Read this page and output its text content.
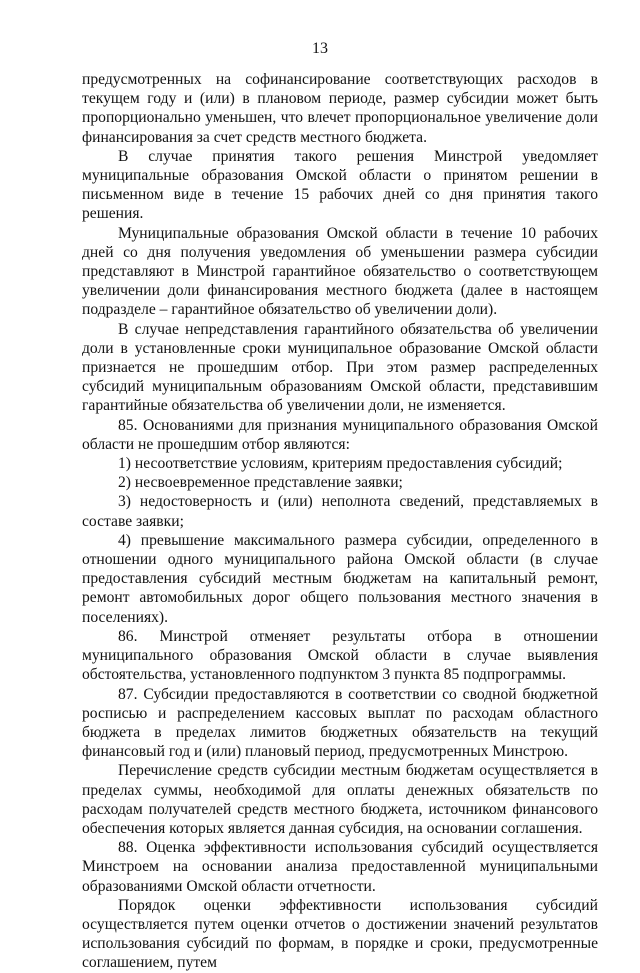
13

предусмотренных на софинансирование соответствующих расходов в текущем году и (или) в плановом периоде, размер субсидии может быть пропорционально уменьшен, что влечет пропорциональное увеличение доли финансирования за счет средств местного бюджета.

В случае принятия такого решения Минстрой уведомляет муниципальные образования Омской области о принятом решении в письменном виде в течение 15 рабочих дней со дня принятия такого решения.

Муниципальные образования Омской области в течение 10 рабочих дней со дня получения уведомления об уменьшении размера субсидии представляют в Минстрой гарантийное обязательство о соответствующем увеличении доли финансирования местного бюджета (далее в настоящем подразделе – гарантийное обязательство об увеличении доли).

В случае непредставления гарантийного обязательства об увеличении доли в установленные сроки муниципальное образование Омской области признается не прошедшим отбор. При этом размер распределенных субсидий муниципальным образованиям Омской области, представившим гарантийные обязательства об увеличении доли, не изменяется.

85. Основаниями для признания муниципального образования Омской области не прошедшим отбор являются:

1) несоответствие условиям, критериям предоставления субсидий;

2) несвоевременное представление заявки;

3) недостоверность и (или) неполнота сведений, представляемых в составе заявки;

4) превышение максимального размера субсидии, определенного в отношении одного муниципального района Омской области (в случае предоставления субсидий местным бюджетам на капитальный ремонт, ремонт автомобильных дорог общего пользования местного значения в поселениях).

86. Минстрой отменяет результаты отбора в отношении муниципального образования Омской области в случае выявления обстоятельства, установленного подпунктом 3 пункта 85 подпрограммы.

87. Субсидии предоставляются в соответствии со сводной бюджетной росписью и распределением кассовых выплат по расходам областного бюджета в пределах лимитов бюджетных обязательств на текущий финансовый год и (или) плановый период, предусмотренных Минстрою.

Перечисление средств субсидии местным бюджетам осуществляется в пределах суммы, необходимой для оплаты денежных обязательств по расходам получателей средств местного бюджета, источником финансового обеспечения которых является данная субсидия, на основании соглашения.

88. Оценка эффективности использования субсидий осуществляется Минстроем на основании анализа предоставленной муниципальными образованиями Омской области отчетности.

Порядок оценки эффективности использования субсидий осуществляется путем оценки отчетов о достижении значений результатов использования субсидий по формам, в порядке и сроки, предусмотренные соглашением, путем
